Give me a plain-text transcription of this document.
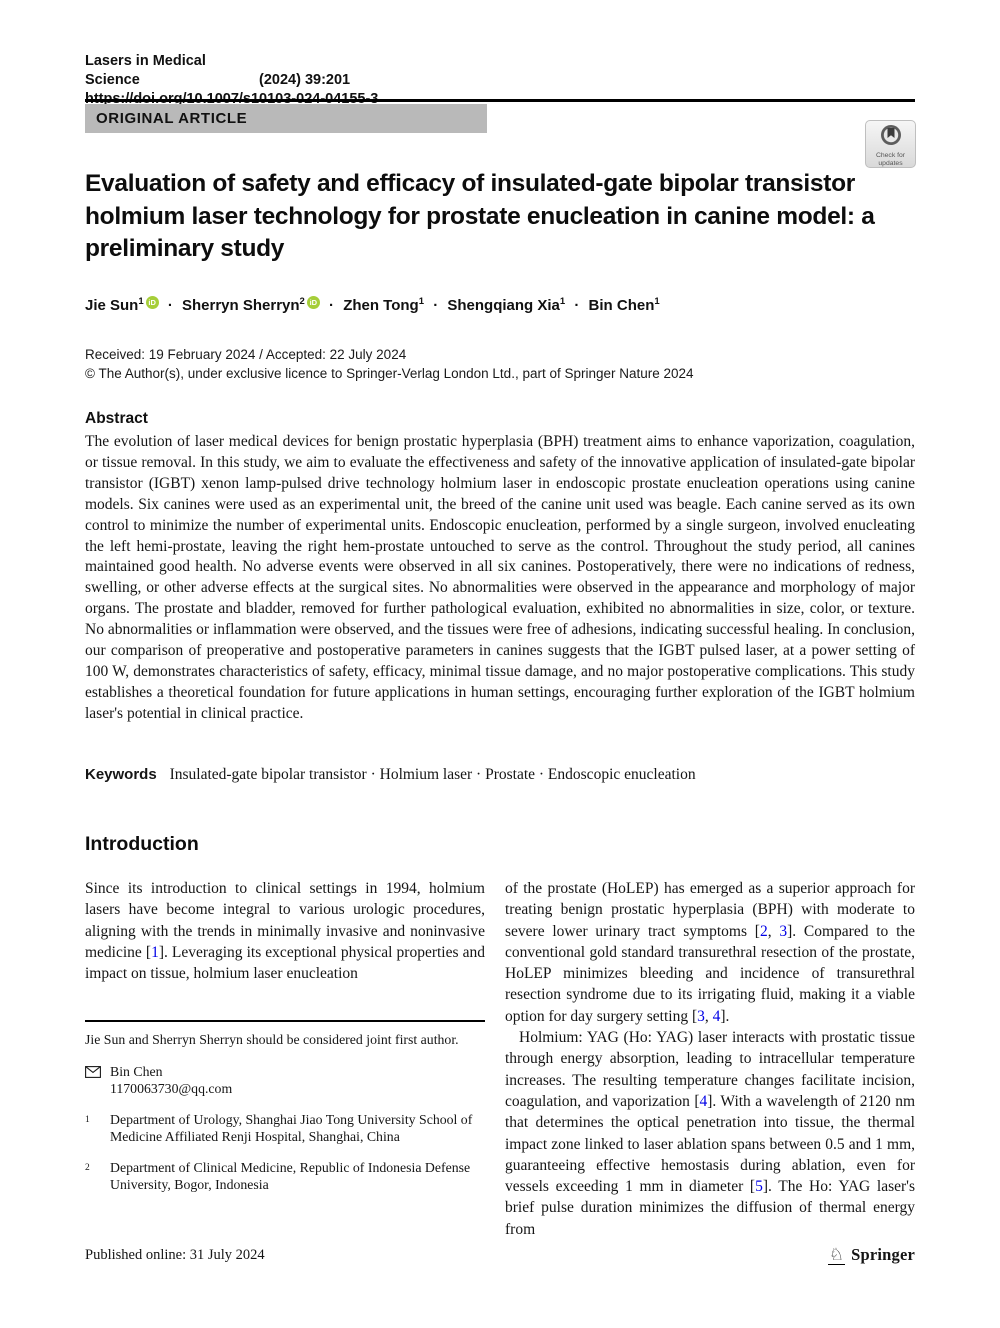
Lasers in Medical Science	(2024) 39:201
ORIGINAL ARTICLE
Check for
updates
Evaluation of safety and efficacy of insulated-gate bipolar transistor holmium laser technology for prostate enucleation in canine model: a preliminary study
Jie Sun$^1$ iD · Sherryn Sherryn$^2$ iD · Zhen Tong$^1$ · Shengqiang Xia$^1$ · Bin Chen$^1$
Received: 19 February 2024 / Accepted: 22 July 2024
© The Author(s), under exclusive licence to Springer-Verlag London Ltd., part of Springer Nature 2024
Abstract

The evolution of laser medical devices for benign prostatic hyperplasia (BPH) treatment aims to enhance vaporization, coagulation, or tissue removal. In this study, we aim to evaluate the effectiveness and safety of the innovative application of insulated-gate bipolar transistor (IGBT) xenon lamp-pulsed drive technology holmium laser in endoscopic prostate enucleation operations using canine models. Six canines were used as an experimental unit, the breed of the canine unit used was beagle. Each canine served as its own control to minimize the number of experimental units. Endoscopic enucleation, performed by a single surgeon, involved enucleating the left hemi-prostate, leaving the right hem-prostate untouched to serve as the control. Throughout the study period, all canines maintained good health. No adverse events were observed in all six canines. Postoperatively, there were no indications of redness, swelling, or other adverse effects at the surgical sites. No abnormalities were observed in the appearance and morphology of major organs. The prostate and bladder, removed for further pathological evaluation, exhibited no abnormalities in size, color, or texture. No abnormalities or inflammation were observed, and the tissues were free of adhesions, indicating successful healing. In conclusion, our comparison of preoperative and postoperative parameters in canines suggests that the IGBT pulsed laser, at a power setting of 100 W, demonstrates characteristics of safety, efficacy, minimal tissue damage, and no major postoperative complications. This study establishes a theoretical foundation for future applications in human settings, encouraging further exploration of the IGBT holmium laser's potential in clinical practice.

Keywords Insulated-gate bipolar transistor · Holmium laser · Prostate · Endoscopic enucleation
Introduction

Since its introduction to clinical settings in 1994, holmium lasers have become integral to various urologic procedures, aligning with the trends in minimally invasive and noninvasive medicine [1]. Leveraging its exceptional physical properties and impact on tissue, holmium laser enucleation

of the prostate (HoLEP) has emerged as a superior approach for treating benign prostatic hyperplasia (BPH) with moderate to severe lower urinary tract symptoms [2, 3]. Compared to the conventional gold standard transurethral resection of the prostate, HoLEP minimizes bleeding and incidence of transurethral resection syndrome due to its irrigating fluid, making it a viable option for day surgery setting [3, 4].

Holmium: YAG (Ho: YAG) laser interacts with prostatic tissue through energy absorption, leading to intracellular temperature increases. The resulting temperature changes facilitate incision, coagulation, and vaporization [4]. With a wavelength of 2120 nm that determines the optical penetration into tissue, the thermal impact zone linked to laser ablation spans between 0.5 and 1 mm, guaranteeing effective hemostasis during ablation, even for vessels exceeding 1 mm in diameter [5]. The Ho: YAG laser's brief pulse duration minimizes the diffusion of thermal energy from

Jie Sun and Sherryn Sherryn should be considered joint first author.
Bin Chen
1170063730@qq.com
1	Department of Urology, Shanghai Jiao Tong University School of Medicine Affiliated Renji Hospital, Shanghai, China
2	Department of Clinical Medicine, Republic of Indonesia Defense University, Bogor, Indonesia
Published online: 31 July 2024	♘ Springer
